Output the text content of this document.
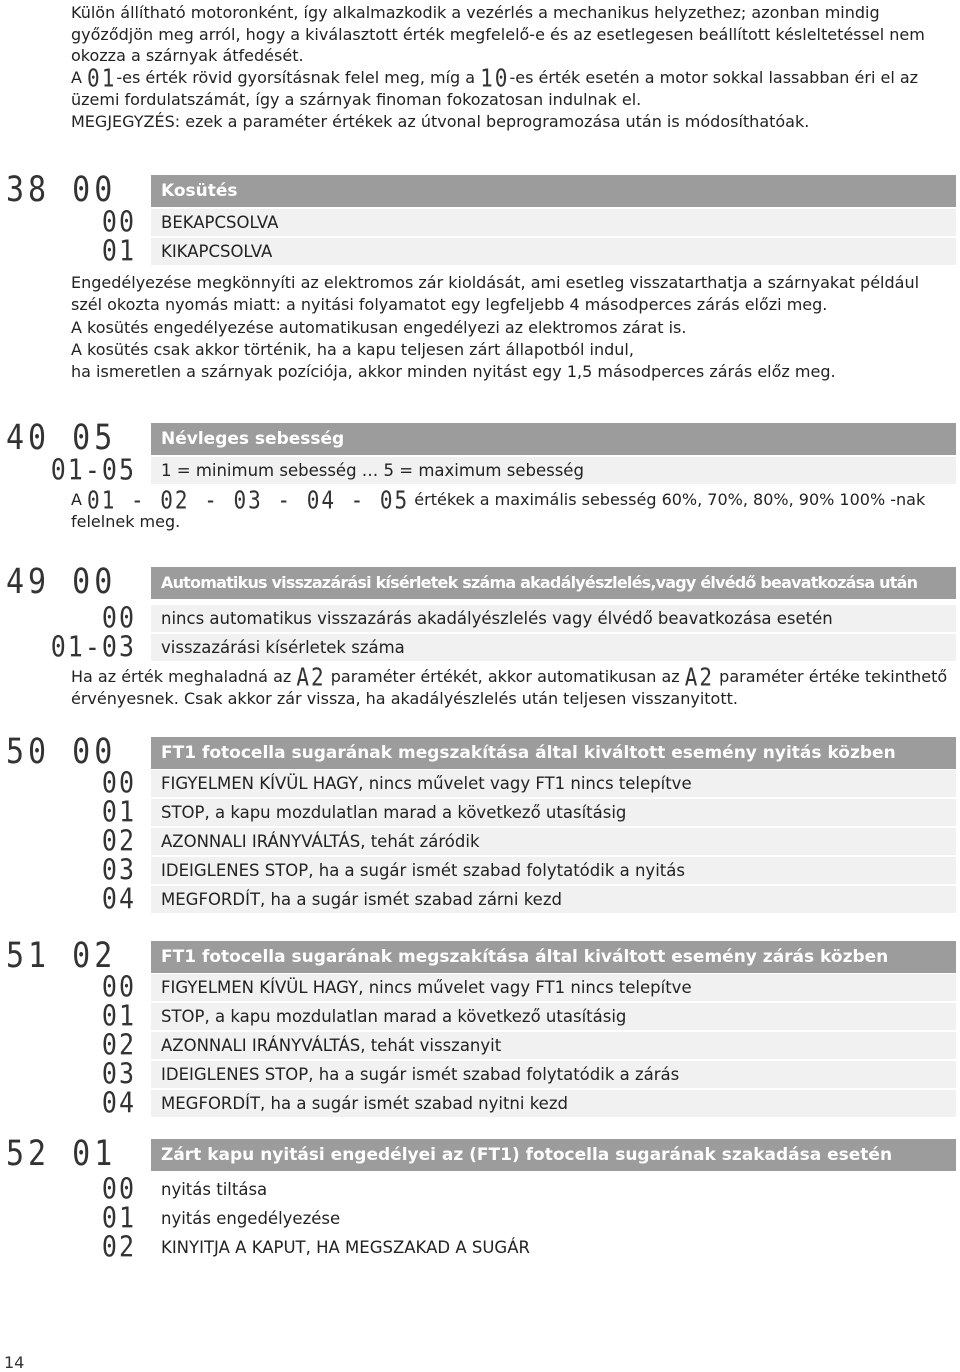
Külön állítható motoronként, így alkalmazkodik a vezérlés a mechanikus helyzethez; azonban mindig győződjön meg arról, hogy a kiválasztott érték megfelelő-e és az esetlegesen beállított késleltetéssel nem okozza a szárnyak átfedését.

A 01-es érték rövid gyorsításnak felel meg, míg a 10-es érték esetén a motor sokkal lassabban éri el az üzemi fordulatszámát, így a szárnyak finoman fokozatosan indulnak el.

MEGJEGYZÉS: ezek a paraméter értékek az útvonal beprogramozása után is módosíthatóak.

38 00	Kosütés
00	BEKAPCSOLVA
01	KIKAPCSOLVA

Engedélyezése megkönnyíti az elektromos zár kioldását, ami esetleg visszatarthatja a szárnyakat például szél okozta nyomás miatt: a nyitási folyamatot egy legfeljebb 4 másodperces zárás előzi meg.

A kosütés engedélyezése automatikusan engedélyezi az elektromos zárat is.

A kosütés csak akkor történik, ha a kapu teljesen zárt állapotból indul,

ha ismeretlen a szárnyak pozíciója, akkor minden nyitást egy 1,5 másodperces zárás előz meg.

40 05	Névleges sebesség
01-05	1 = minimum sebesség … 5 = maximum sebesség

A 01 - 02 - 03 - 04 - 05 értékek a maximális sebesség 60%, 70%, 80%, 90% 100% -nak felelnek meg.

49 00	Automatikus visszazárási kísérletek száma akadályészlelés,vagy élvédő beavatkozása után
00	nincs automatikus visszazárás akadályészlelés vagy élvédő beavatkozása esetén
01-03	visszazárási kísérletek száma

Ha az érték meghaladná az A2 paraméter értékét, akkor automatikusan az A2 paraméter értéke tekinthető érvényesnek. Csak akkor zár vissza, ha akadályészlelés után teljesen visszanyitott.

50 00	FT1 fotocella sugarának megszakítása által kiváltott esemény nyitás közben
00	FIGYELMEN KÍVÜL HAGY, nincs művelet vagy FT1 nincs telepítve
01	STOP, a kapu mozdulatlan marad a következő utasításig
02	AZONNALI IRÁNYVÁLTÁS, tehát záródik
03	IDEIGLENES STOP, ha a sugár ismét szabad folytatódik a nyitás
04	MEGFORDÍT, ha a sugár ismét szabad zárni kezd
51 02	FT1 fotocella sugarának megszakítása által kiváltott esemény zárás közben
00	FIGYELMEN KÍVÜL HAGY, nincs művelet vagy FT1 nincs telepítve
01	STOP, a kapu mozdulatlan marad a következő utasításig
02	AZONNALI IRÁNYVÁLTÁS, tehát visszanyit
03	IDEIGLENES STOP, ha a sugár ismét szabad folytatódik a zárás
04	MEGFORDÍT, ha a sugár ismét szabad nyitni kezd
52 01	Zárt kapu nyitási engedélyei az (FT1) fotocella sugarának szakadása esetén
00	nyitás tiltása
01	nyitás engedélyezése
02	KINYITJA A KAPUT, HA MEGSZAKAD A SUGÁR
14
